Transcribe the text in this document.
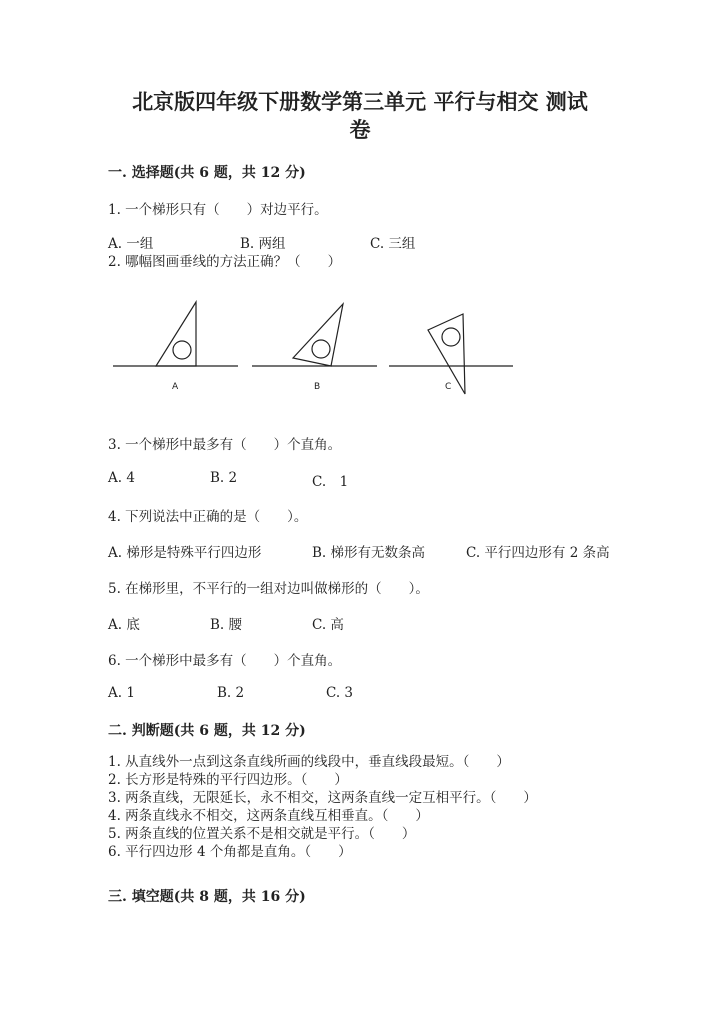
北京版四年级下册数学第三单元 平行与相交 测试
卷
一. 选择题(共 6 题，共 12 分)
1. 一个梯形只有（　　）对边平行。
A. 一组	B. 两组	C. 三组
2. 哪幅图画垂线的方法正确？（　　）
A	B	C
3. 一个梯形中最多有（　　）个直角。
A. 4	B. 2	C.　1
4. 下列说法中正确的是（　　）。
A. 梯形是特殊平行四边形	B. 梯形有无数条高	C. 平行四边形有 2 条高
5. 在梯形里，不平行的一组对边叫做梯形的（　　）。
A. 底	B. 腰	C. 高
6. 一个梯形中最多有（　　）个直角。
A. 1	B. 2	C. 3
二. 判断题(共 6 题，共 12 分)
1. 从直线外一点到这条直线所画的线段中，垂直线段最短。（　　）
2. 长方形是特殊的平行四边形。（　　）
3. 两条直线，无限延长，永不相交，这两条直线一定互相平行。（　　）
4. 两条直线永不相交，这两条直线互相垂直。（　　）
5. 两条直线的位置关系不是相交就是平行。（　　）
6. 平行四边形 4 个角都是直角。（　　）
三. 填空题(共 8 题，共 16 分)
